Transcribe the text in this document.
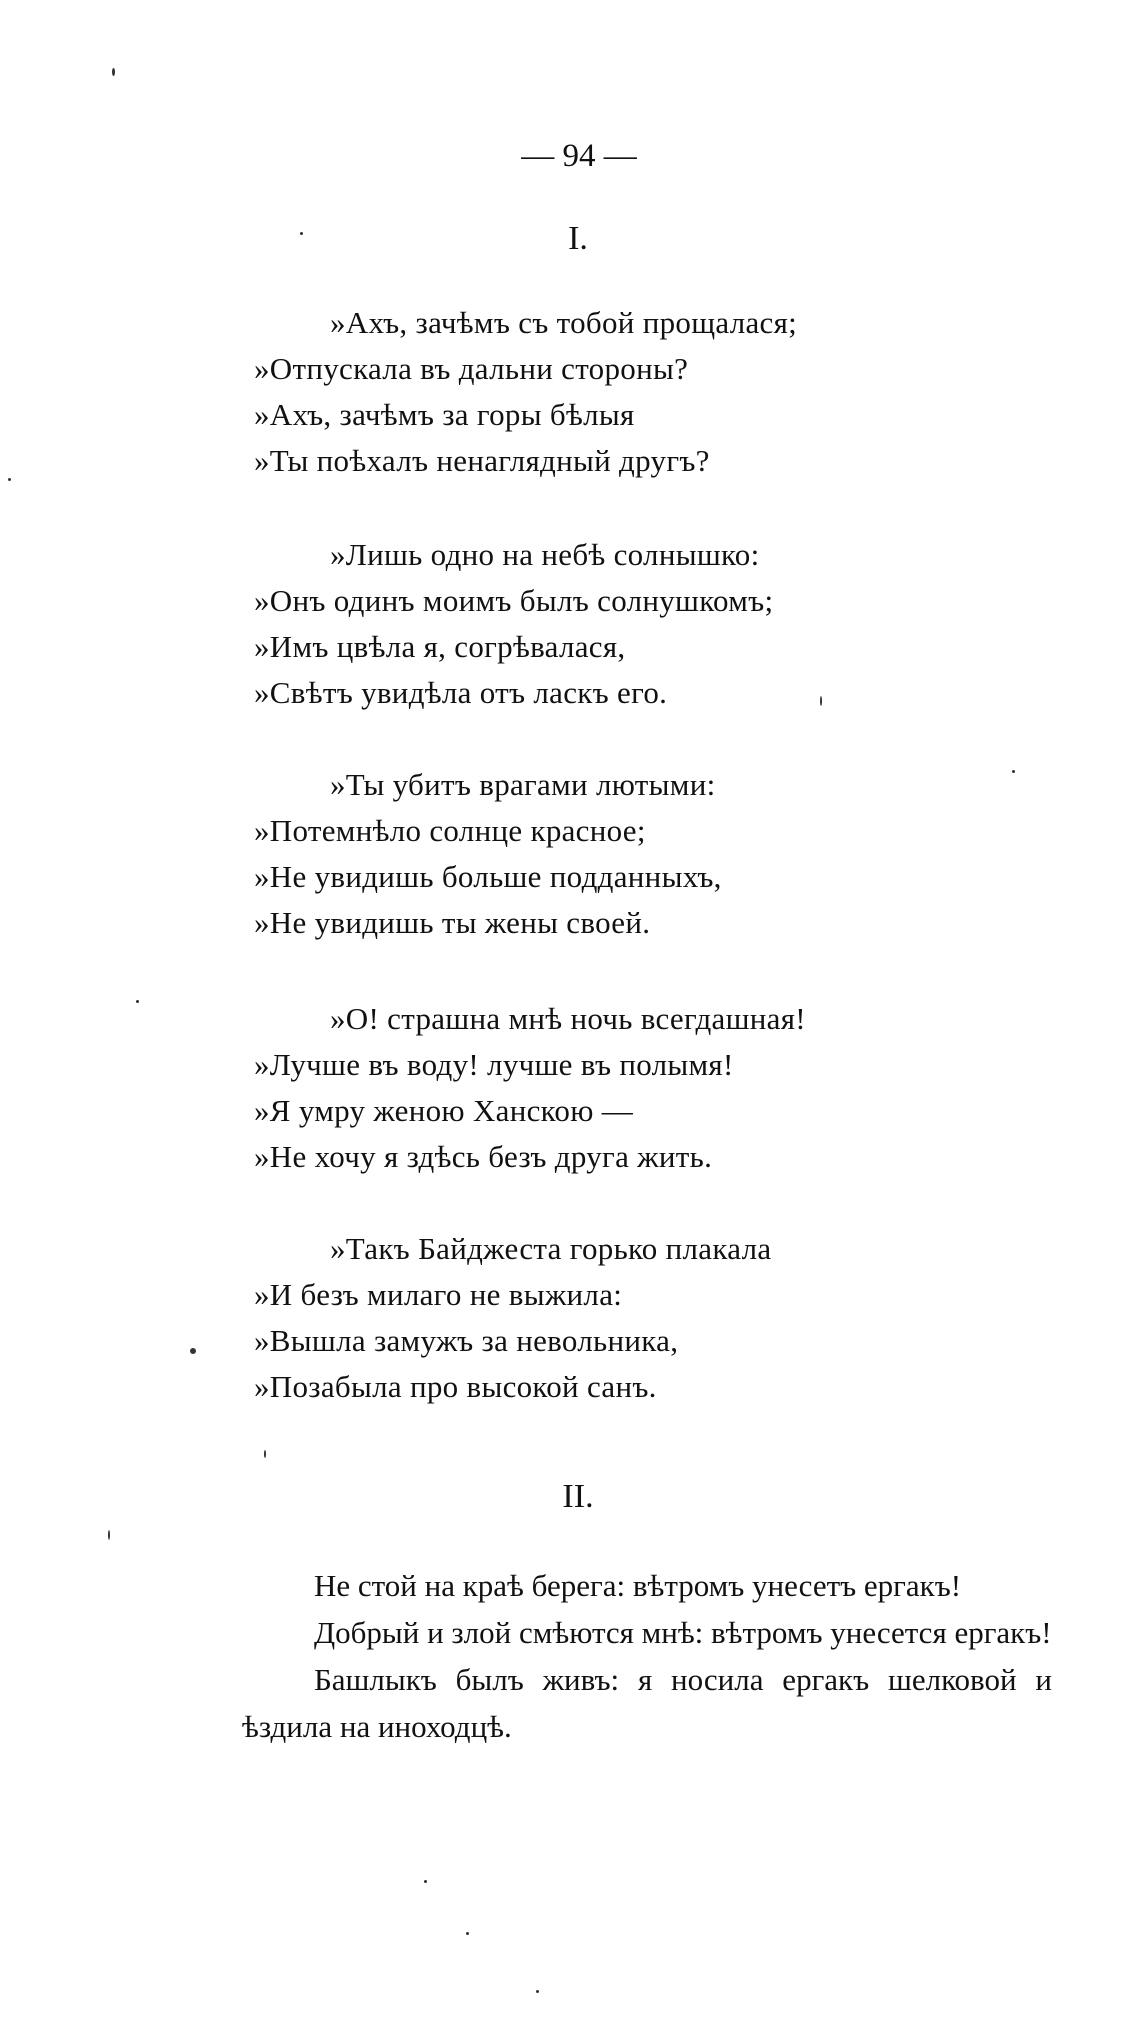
— 94 —
I.
»Ахъ, зачѣмъ съ тобой прощалася;
»Отпускала въ дальни стороны?
»Ахъ, зачѣмъ за горы бѣлыя
»Ты поѣхалъ ненаглядный другъ?
»Лишь одно на небѣ солнышко:
»Онъ одинъ моимъ былъ солнушкомъ;
»Имъ цвѣла я, согрѣвалася,
»Свѣтъ увидѣла отъ ласкъ его.
»Ты убитъ врагами лютыми:
»Потемнѣло солнце красное;
»Не увидишь больше подданныхъ,
»Не увидишь ты жены своей.
»О! страшна мнѣ ночь всегдашная!
»Лучше въ воду! лучше въ полымя!
»Я умру женою Ханскою —
»Не хочу я здѣсь безъ друга жить.
»Такъ Байджеста горько плакала
»И безъ милаго не выжила:
»Вышла замужъ за невольника,
»Позабыла про высокой санъ.
II.

Не стой на краѣ берега: вѣтромъ унесетъ ергакъ!

Добрый и злой смѣются мнѣ: вѣтромъ унесется ергакъ!

Башлыкъ былъ живъ: я носила ергакъ шелковой и ѣздила на иноходцѣ.
